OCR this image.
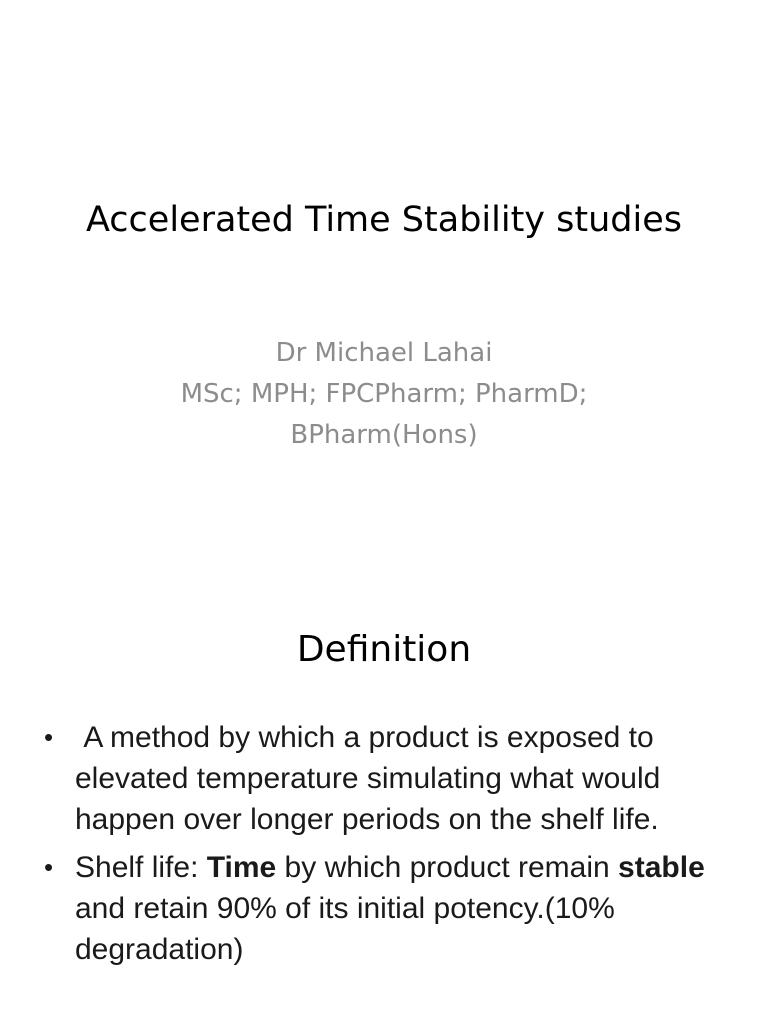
Accelerated Time Stability studies
Dr Michael Lahai
MSc; MPH; FPCPharm; PharmD;
BPharm(Hons)
Definition
• A method by which a product is exposed to elevated temperature simulating what would happen over longer periods on the shelf life.
• Shelf life: Time by which product remain stable and retain 90% of its initial potency.(10% degradation)
